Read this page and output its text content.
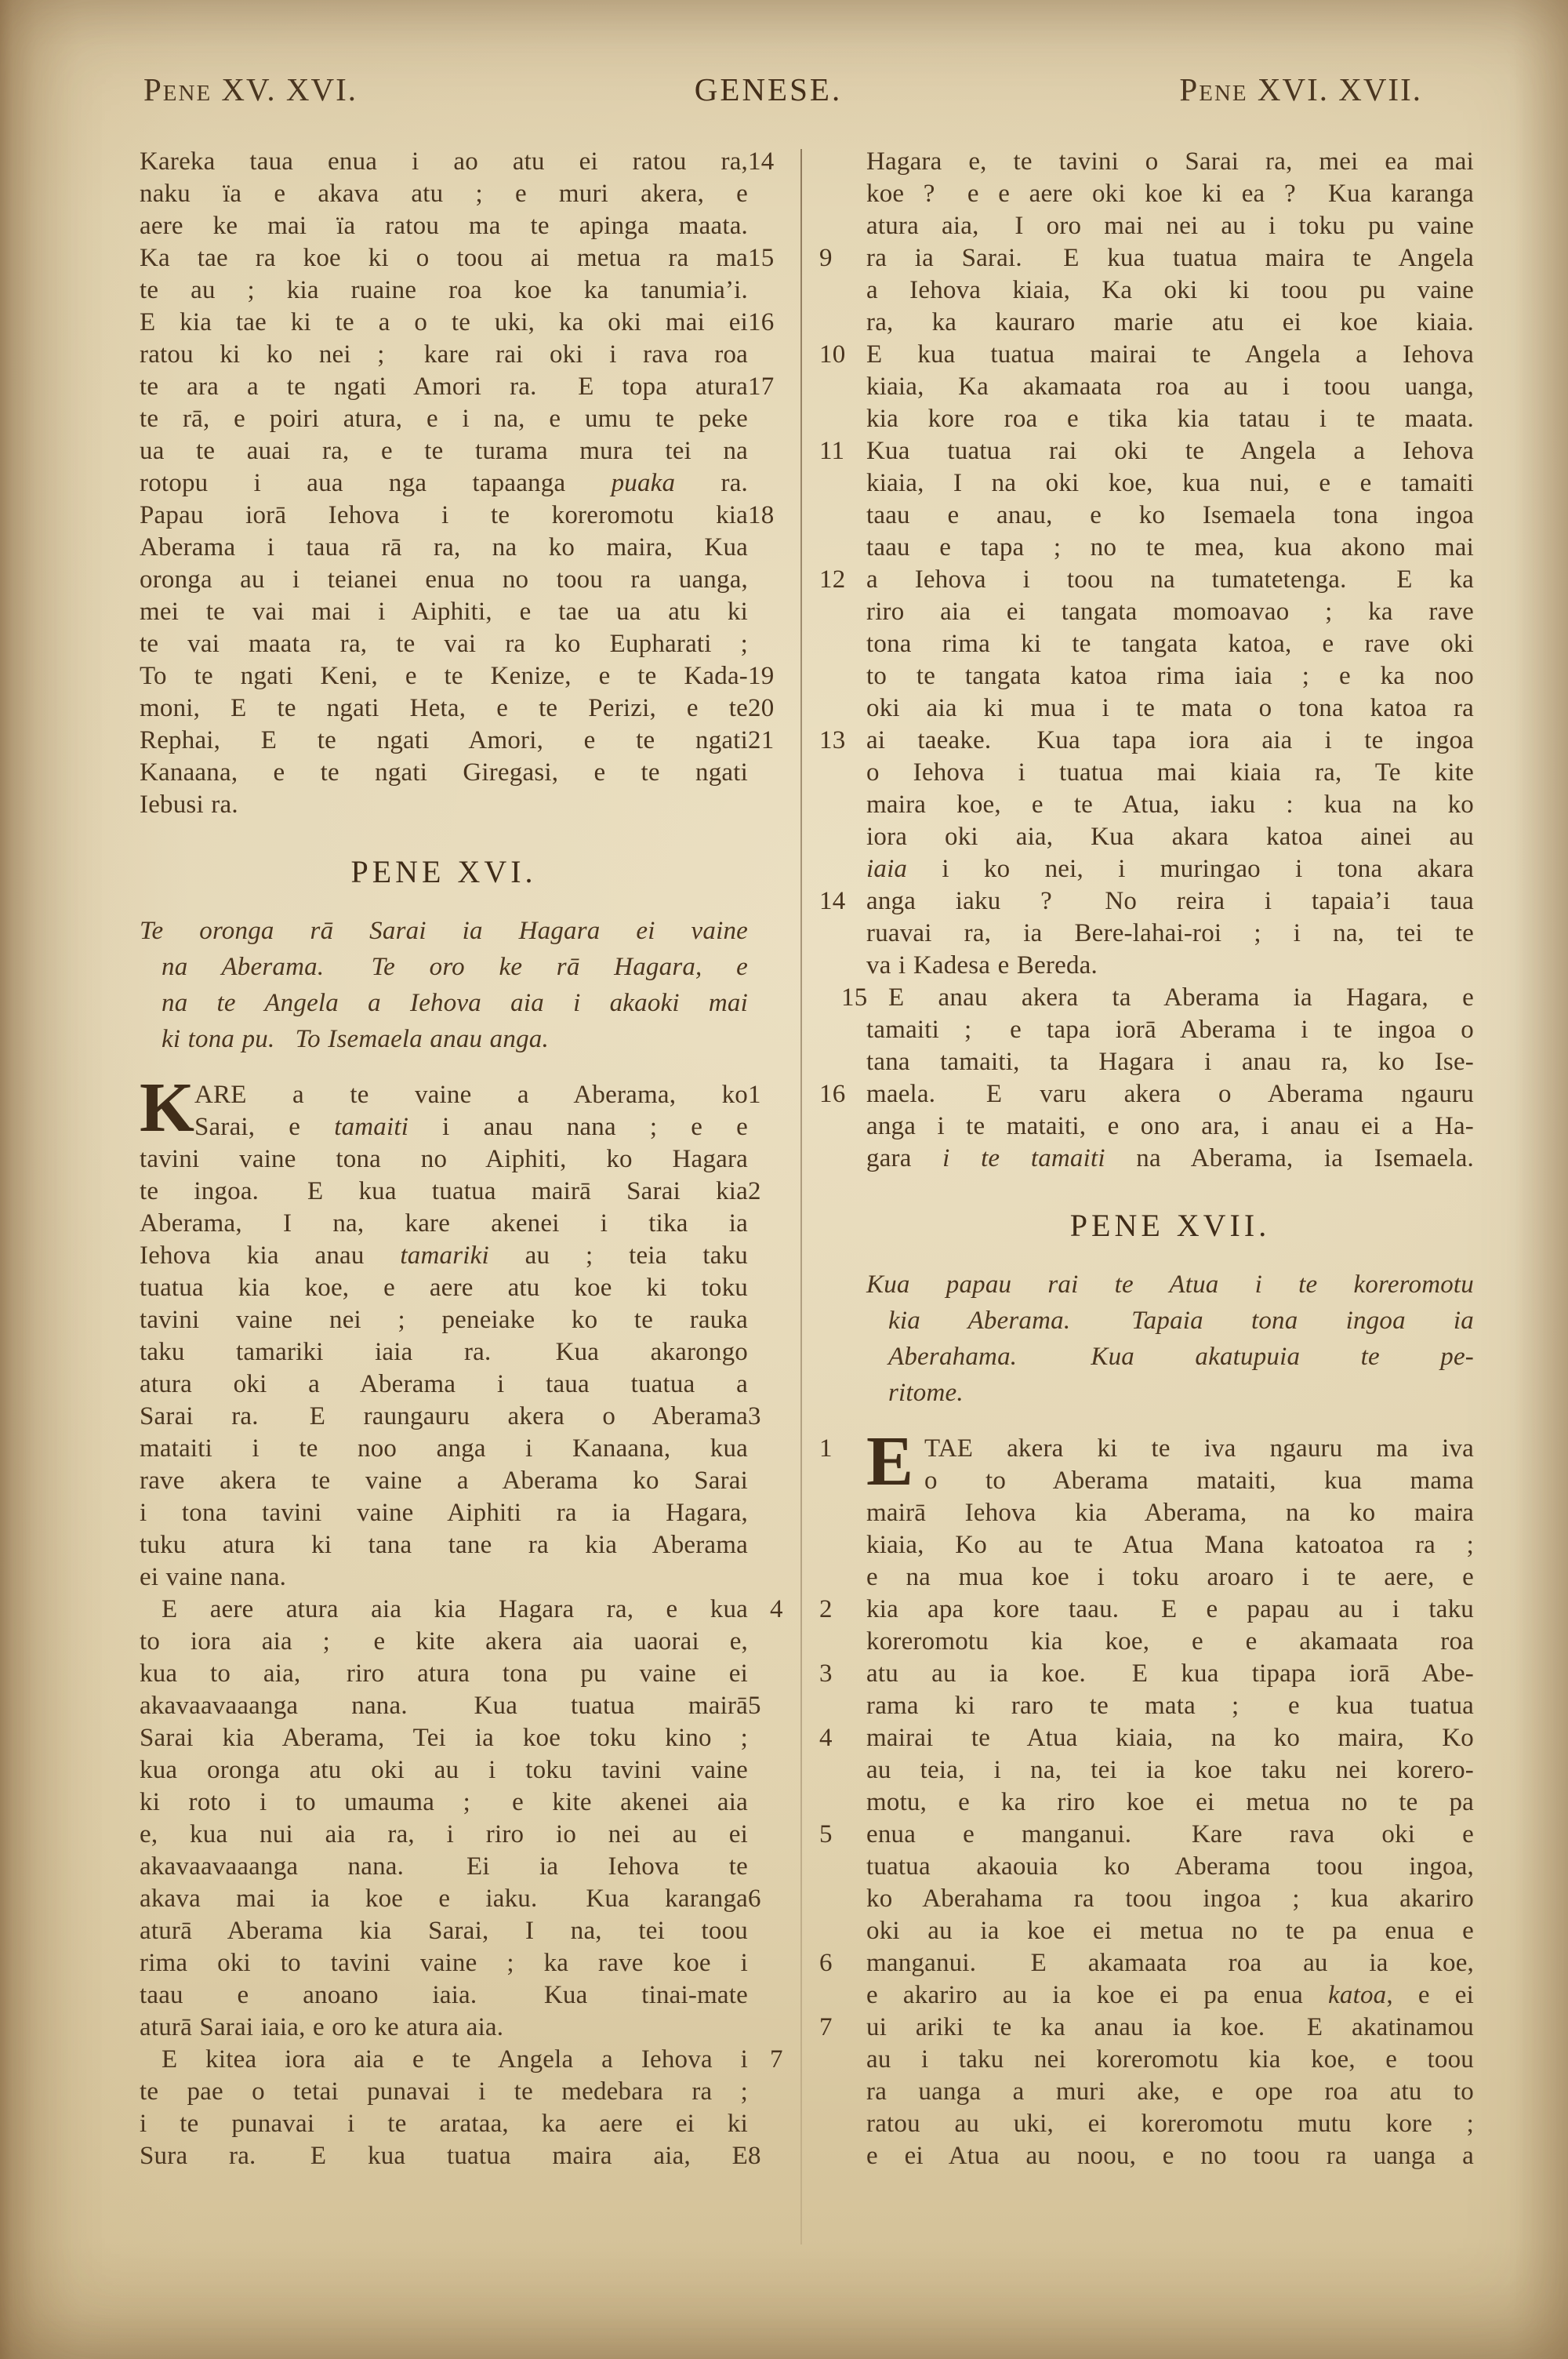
Pene XV. XVI.	GENESE.	Pene XVI. XVII.
14
Kareka taua enua i ao atu ei ratou ra,
naku ïa e akava atu ; e muri akera, e
aere ke mai ïa ratou ma te apinga maata.
15
Ka tae ra koe ki o toou ai metua ra ma
te au ; kia ruaine roa koe ka tanumia’i.
16
E kia tae ki te a o te uki, ka oki mai ei
ratou ki ko nei ;  kare rai oki i rava roa
17
te ara a te ngati Amori ra.  E topa atura
te rā, e poiri atura, e i na, e umu te peke
ua te auai ra, e te turama mura tei na
rotopu i aua nga tapaanga puaka ra.
18
Papau iorā Iehova i te koreromotu kia
Aberama i taua rā ra, na ko maira, Kua
oronga au i teianei enua no toou ra uanga,
mei te vai mai i Aiphiti, e tae ua atu ki
te vai maata ra, te vai ra ko Eupharati ;
19
To te ngati Keni, e te Kenize, e te Kada-
20
moni, E te ngati Heta, e te Perizi, e te
21
Rephai, E te ngati Amori, e te ngati
Kanaana, e te ngati Giregasi, e te ngati
Iebusi ra.
PENE XVI.
Te oronga rā Sarai ia Hagara ei vaine
na Aberama.  Te oro ke rā Hagara, e
na te Angela a Iehova aia i akaoki mai
ki tona pu.  To Isemaela anau anga.
1
K ARE a te vaine a Aberama, ko
Sarai, e tamaiti i anau nana ; e e
tavini vaine tona no Aiphiti, ko Hagara
2
te ingoa.  E kua tuatua mairā Sarai kia
Aberama, I na, kare akenei i tika ia
Iehova kia anau tamariki au ; teia taku
tuatua kia koe, e aere atu koe ki toku
tavini vaine nei ; peneiake ko te rauka
taku tamariki iaia ra.  Kua akarongo
atura oki a Aberama i taua tuatua a
3
Sarai ra.  E raungauru akera o Aberama
mataiti i te noo anga i Kanaana, kua
rave akera te vaine a Aberama ko Sarai
i tona tavini vaine Aiphiti ra ia Hagara,
tuku atura ki tana tane ra kia Aberama
ei vaine nana.
4
E aere atura aia kia Hagara ra, e kua
to iora aia ;  e kite akera aia uaorai e,
kua to aia,  riro atura tona pu vaine ei
5
akavaavaaanga nana.  Kua tuatua mairā
Sarai kia Aberama, Tei ia koe toku kino ;
kua oronga atu oki au i toku tavini vaine
ki roto i to umauma ;  e kite akenei aia
e, kua nui aia ra, i riro io nei au ei
akavaavaaanga nana.  Ei ia Iehova te
6
akava mai ia koe e iaku.  Kua karanga
aturā Aberama kia Sarai, I na, tei toou
rima oki to tavini vaine ; ka rave koe i
taau e anoano iaia.  Kua tinai-mate
aturā Sarai iaia, e oro ke atura aia.
7
E kitea iora aia e te Angela a Iehova i
te pae o tetai punavai i te medebara ra ;
i te punavai i te arataa, ka aere ei ki
8
Sura ra.  E kua tuatua maira aia, E
Hagara e, te tavini o Sarai ra, mei ea mai
koe ?  e e aere oki koe ki ea ?  Kua karanga
atura aia,  I oro mai nei au i toku pu vaine
9	ra ia Sarai.  E kua tuatua maira te Angela
a Iehova kiaia, Ka oki ki toou pu vaine
ra, ka kauraro marie atu ei koe kiaia.
10 E kua tuatua mairai te Angela a Iehova
kiaia, Ka akamaata roa au i toou uanga,
kia kore roa e tika kia tatau i te maata.
11 Kua tuatua rai oki te Angela a Iehova
kiaia, I na oki koe, kua nui, e e tamaiti
taau e anau, e ko Isemaela tona ingoa
taau e tapa ; no te mea, kua akono mai
12 a Iehova i toou na tumatetenga.  E ka
riro aia ei tangata momoavao ; ka rave
tona rima ki te tangata katoa, e rave oki
to te tangata katoa rima iaia ; e ka noo
oki aia ki mua i te mata o tona katoa ra
13 ai taeake.  Kua tapa iora aia i te ingoa
o Iehova i tuatua mai kiaia ra, Te kite
maira koe, e te Atua, iaku : kua na ko
iora oki aia, Kua akara katoa ainei au
iaia i ko nei, i muringao i tona akara
14 anga iaku ?  No reira i tapaia’i taua
ruavai ra, ia Bere-lahai-roi ; i na, tei te
va i Kadesa e Bereda.
15 E anau akera ta Aberama ia Hagara, e
tamaiti ;  e tapa iorā Aberama i te ingoa o
tana tamaiti, ta Hagara i anau ra, ko Ise-
16 maela.  E varu akera o Aberama ngauru
anga i te mataiti, e ono ara, i anau ei a Ha-
gara i te tamaiti na Aberama, ia Isemaela.
PENE XVII.
Kua papau rai te Atua i te koreromotu
kia Aberama.  Tapaia tona ingoa ia
Aberahama.  Kua akatupuia te pe-
ritome.
1 E TAE akera ki te iva ngauru ma iva
o to Aberama mataiti, kua mama
mairā Iehova kia Aberama, na ko maira
kiaia, Ko au te Atua Mana katoatoa ra ;
e na mua koe i toku aroaro i te aere, e
2	kia apa kore taau.  E e papau au i taku
koreromotu kia koe, e e akamaata roa
3	atu au ia koe.  E kua tipapa iorā Abe-
rama ki raro te mata ;  e kua tuatua
4	mairai te Atua kiaia, na ko maira, Ko
au teia, i na, tei ia koe taku nei korero-
motu, e ka riro koe ei metua no te pa
5	enua e manganui.  Kare rava oki e
tuatua akaouia ko Aberama toou ingoa,
ko Aberahama ra toou ingoa ; kua akariro
oki au ia koe ei metua no te pa enua e
6	manganui.  E akamaata roa au ia koe,
e akariro au ia koe ei pa enua katoa, e ei
7	ui ariki te ka anau ia koe.  E akatinamou
au i taku nei koreromotu kia koe, e toou
ra uanga a muri ake, e ope roa atu to
ratou au uki, ei koreromotu mutu kore ;
e ei Atua au noou, e no toou ra uanga a
